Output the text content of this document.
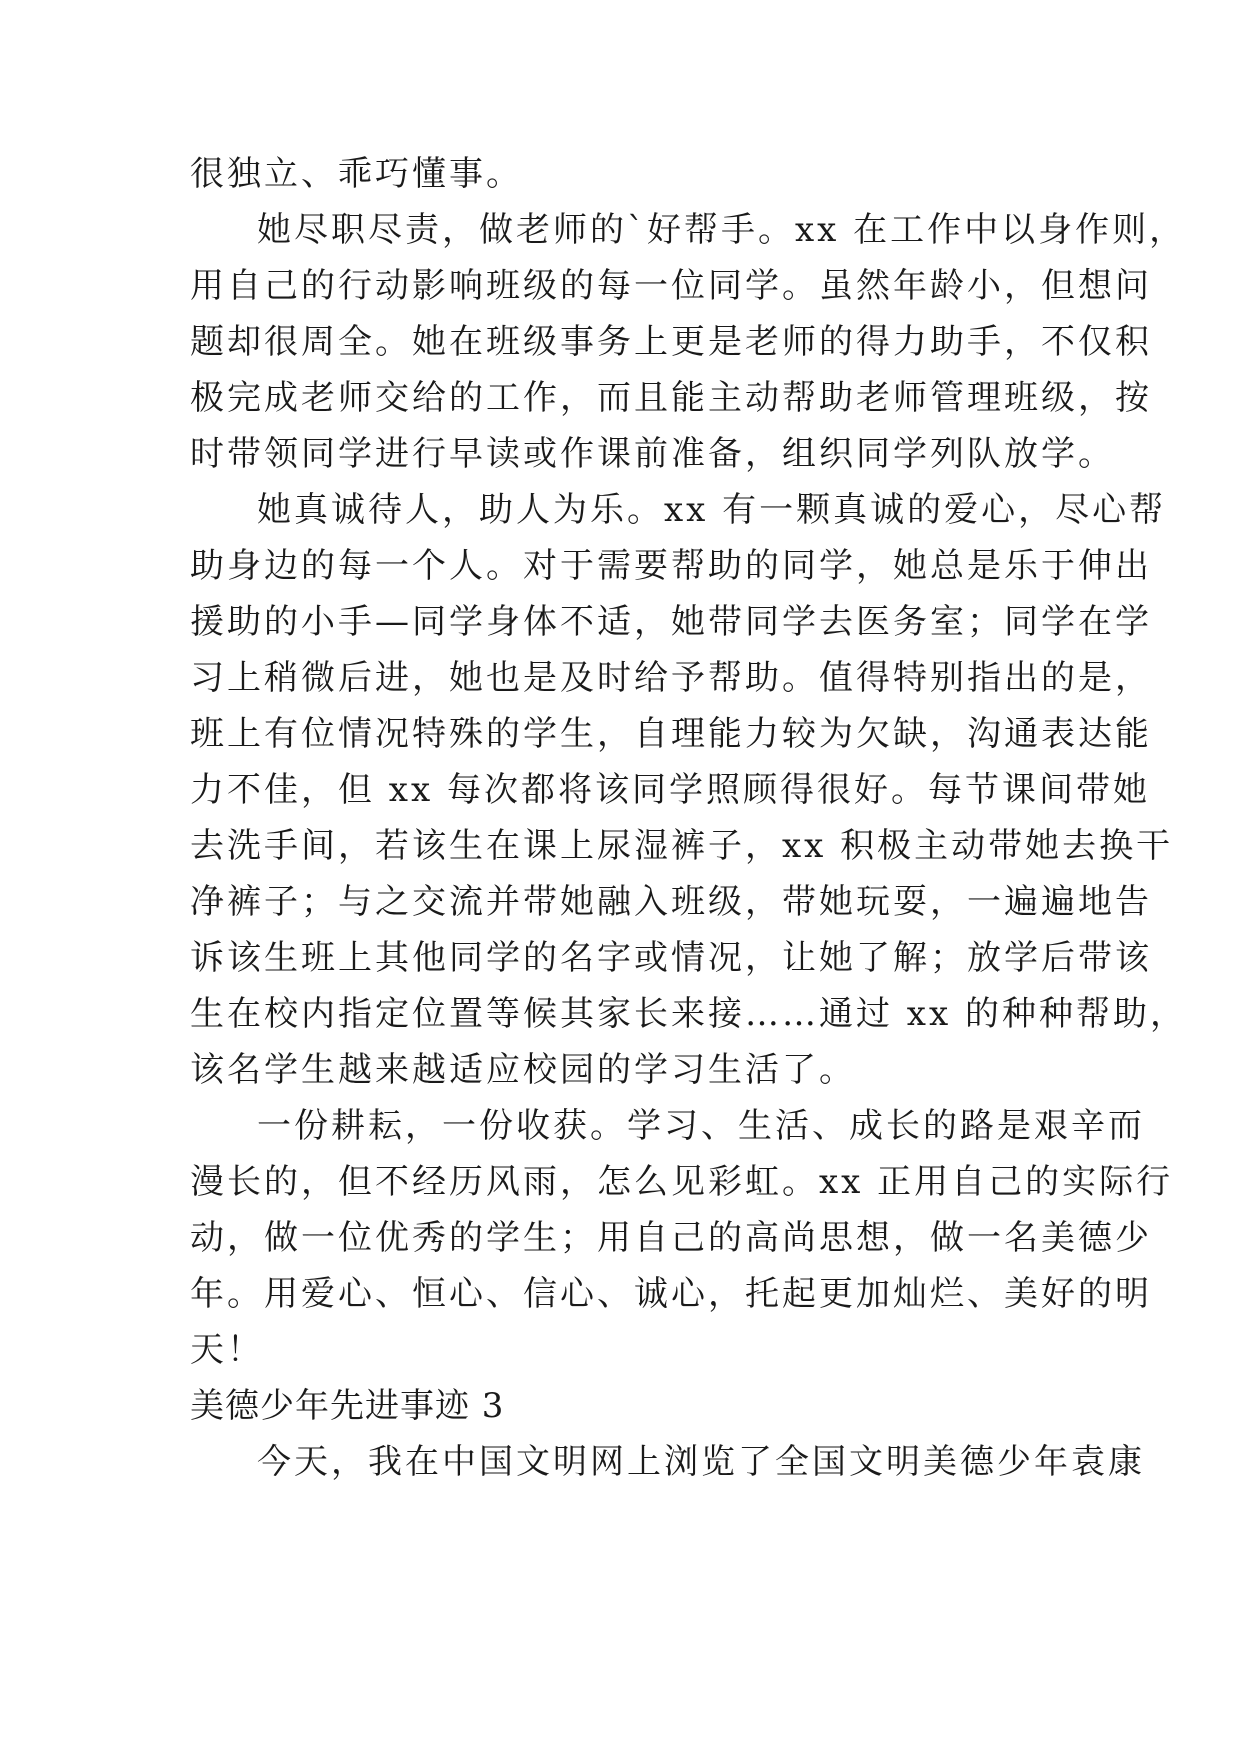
很独立、乖巧懂事。

她尽职尽责，做老师的`好帮手。xx 在工作中以身作则，

用自己的行动影响班级的每一位同学。虽然年龄小，但想问

题却很周全。她在班级事务上更是老师的得力助手，不仅积

极完成老师交给的工作，而且能主动帮助老师管理班级，按

时带领同学进行早读或作课前准备，组织同学列队放学。

她真诚待人，助人为乐。xx 有一颗真诚的爱心，尽心帮

助身边的每一个人。对于需要帮助的同学，她总是乐于伸出

援助的小手—同学身体不适，她带同学去医务室；同学在学

习上稍微后进，她也是及时给予帮助。值得特别指出的是，

班上有位情况特殊的学生，自理能力较为欠缺，沟通表达能

力不佳，但 xx 每次都将该同学照顾得很好。每节课间带她

去洗手间，若该生在课上尿湿裤子，xx 积极主动带她去换干

净裤子；与之交流并带她融入班级，带她玩耍，一遍遍地告

诉该生班上其他同学的名字或情况，让她了解；放学后带该

生在校内指定位置等候其家长来接……通过 xx 的种种帮助，

该名学生越来越适应校园的学习生活了。

一份耕耘，一份收获。学习、生活、成长的路是艰辛而

漫长的，但不经历风雨，怎么见彩虹。xx 正用自己的实际行

动，做一位优秀的学生；用自己的高尚思想，做一名美德少

年。用爱心、恒心、信心、诚心，托起更加灿烂、美好的明

天！

美德少年先进事迹 3

今天，我在中国文明网上浏览了全国文明美德少年袁康
